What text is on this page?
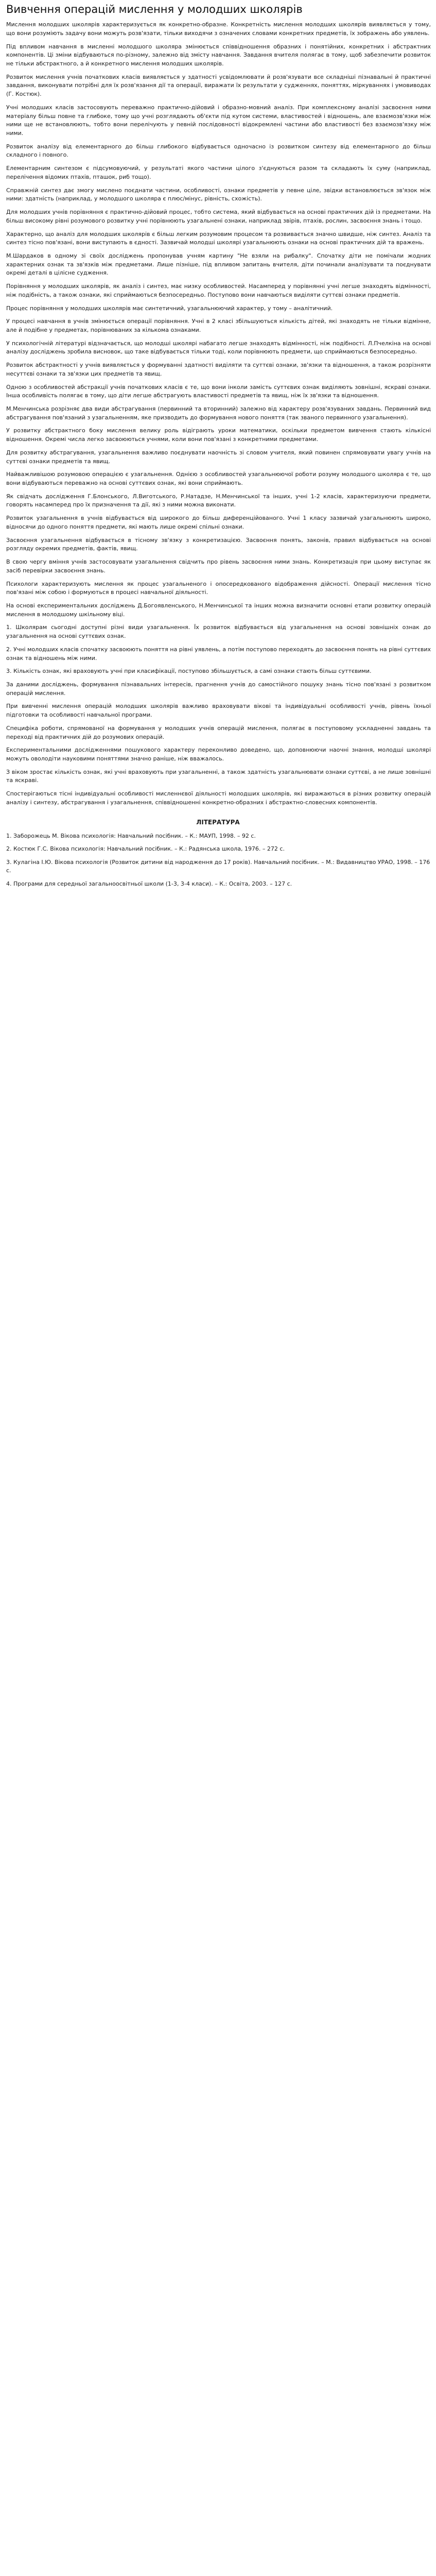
Вивчення операцій мислення у молодших школярів

Мислення молодших школярів характеризується як конкретно-образне. Конкретність мислення молодших школярів виявляється у тому, що вони розуміють задачу вони можуть розв'язати, тільки виходячи з означених словами конкретних предметів, їх зображень або уявлень.

Під впливом навчання в мисленні молодшого школяра змінюється співвідношення образних і понятійних, конкретних і абстрактних компонентів. Ці зміни відбуваються по-різному, залежно від змісту навчання. Завдання вчителя полягає в тому, щоб забезпечити розвиток не тільки абстрактного, а й конкретного мислення молодших школярів.

Розвиток мислення учнів початкових класів виявляється у здатності усвідомлювати й розв'язувати все складніші пізнавальні й практичні завдання, виконувати потрібні для їх розв'язання дії та операції, виражати їх результати у судженнях, поняттях, міркуваннях і умовиводах (Г. Костюк).

Учні молодших класів застосовують переважно практично-дійовий і образно-мовний аналіз. При комплексному аналізі засвоєння ними матеріалу більш повне та глибоке, тому що учні розглядають об'єкти під кутом системи, властивостей і відношень, але взаємозв'язки між ними ще не встановлюють, тобто вони перелічують у певній послідовності відокремлені частини або властивості без взаємозв'язку між ними.

Розвиток аналізу від елементарного до більш глибокого відбувається одночасно із розвитком синтезу від елементарного до більш складного і повного.

Елементарним синтезом є підсумовуючий, у результаті якого частини цілого з'єднуються разом та складають їх суму (наприклад, перелічення відомих птахів, пташок, риб тощо).

Справжній синтез дає змогу мислено поєднати частини, особливості, ознаки предметів у певне ціле, звідки встановлюється зв'язок між ними: здатність (наприклад, у молодшого школяра є плюс/мінус, рівність, схожість).

Для молодших учнів порівняння є практично-дійовий процес, тобто система, який відбувається на основі практичних дій із предметами. На більш високому рівні розумового розвитку учні порівнюють узагальнені ознаки, наприклад звірів, птахів, рослин, засвоєння знань і тощо.

Характерно, що аналіз для молодших школярів є більш легким розумовим процесом та розвивається значно швидше, ніж синтез. Аналіз та синтез тісно пов'язані, вони виступають в єдності. Зазвичай молодші школярі узагальнюють ознаки на основі практичних дій та вражень.

М.Шардаков в одному зі своїх досліджень пропонував учням картину "Не взяли на рибалку". Спочатку діти не помічали жодних характерних ознак та зв'язків між предметами. Лише пізніше, під впливом запитань вчителя, діти починали аналізувати та поєднувати окремі деталі в цілісне судження.

Порівняння у молодших школярів, як аналіз і синтез, має низку особливостей. Насамперед у порівнянні учні легше знаходять відмінності, ніж подібність, а також ознаки, які сприймаються безпосередньо. Поступово вони навчаються виділяти суттєві ознаки предметів.

Процес порівняння у молодших школярів має синтетичний, узагальнюючий характер, у тому – аналітичний.

У процесі навчання в учнів змінюється операції порівняння. Учні в 2 класі збільшуються кількість дітей, які знаходять не тільки відмінне, але й подібне у предметах, порівнюваних за кількома ознаками.

У психологічній літературі відзначається, що молодші школярі набагато легше знаходять відмінності, ніж подібності. Л.Пчелкіна на основі аналізу досліджень зробила висновок, що таке відбувається тільки тоді, коли порівнюють предмети, що сприймаються безпосередньо.

Розвиток абстрактності у учнів виявляється у формуванні здатності виділяти та суттєві ознаки, зв'язки та відношення, а також розрізняти несуттєві ознаки та зв'язки цих предметів та явищ.

Одною з особливостей абстракції учнів початкових класів є те, що вони інколи замість суттєвих ознак виділяють зовнішні, яскраві ознаки. Інша особливість полягає в тому, що діти легше абстрагують властивості предметів та явищ, ніж їх зв'язки та відношення.

М.Менчинська розрізняє два види абстрагування (первинний та вторинний) залежно від характеру розв'язуваних завдань. Первинний вид абстрагування пов'язаний з узагальненням, яке призводить до формування нового поняття (так званого первинного узагальнення).

У розвитку абстрактного боку мислення велику роль відіграють уроки математики, оскільки предметом вивчення стають кількісні відношення. Окремі числа легко засвоюються учнями, коли вони пов'язані з конкретними предметами.

Для розвитку абстрагування, узагальнення важливо поєднувати наочність зі словом учителя, який повинен спрямовувати увагу учнів на суттєві ознаки предметів та явищ.

Найважливішою розумовою операцією є узагальнення. Однією з особливостей узагальнюючої роботи розуму молодшого школяра є те, що вони відбуваються переважно на основі суттєвих ознак, які вони сприймають.

Як свідчать дослідження Г.Блонського, Л.Виготського, Р.Натадзе, Н.Менчинської та інших, учні 1-2 класів, характеризуючи предмети, говорять насамперед про їх призначення та дії, які з ними можна виконати.

Розвиток узагальнення в учнів відбувається від широкого до більш диференційованого. Учні 1 класу зазвичай узагальнюють широко, відносячи до одного поняття предмети, які мають лише окремі спільні ознаки.

Засвоєння узагальнення відбувається в тісному зв'язку з конкретизацією. Засвоєння понять, законів, правил відбувається на основі розгляду окремих предметів, фактів, явищ.

В свою чергу вміння учнів застосовувати узагальнення свідчить про рівень засвоєння ними знань. Конкретизація при цьому виступає як засіб перевірки засвоєння знань.

Психологи характеризують мислення як процес узагальненого і опосередкованого відображення дійсності. Операції мислення тісно пов'язані між собою і формуються в процесі навчальної діяльності.

На основі експериментальних досліджень Д.Богоявленського, Н.Менчинської та інших можна визначити основні етапи розвитку операцій мислення в молодшому шкільному віці.

1. Школярам сьогодні доступні різні види узагальнення. Їх розвиток відбувається від узагальнення на основі зовнішніх ознак до узагальнення на основі суттєвих ознак.

2. Учні молодших класів спочатку засвоюють поняття на рівні уявлень, а потім поступово переходять до засвоєння понять на рівні суттєвих ознак та відношень між ними.

3. Кількість ознак, які враховують учні при класифікації, поступово збільшується, а самі ознаки стають більш суттєвими.

За даними досліджень, формування пізнавальних інтересів, прагнення учнів до самостійного пошуку знань тісно пов'язані з розвитком операцій мислення.

При вивченні мислення операцій молодших школярів важливо враховувати вікові та індивідуальні особливості учнів, рівень їхньої підготовки та особливості навчальної програми.

Специфіка роботи, спрямованої на формування у молодших учнів операцій мислення, полягає в поступовому ускладненні завдань та переході від практичних дій до розумових операцій.

Експериментальними дослідженнями пошукового характеру переконливо доведено, що, доповнюючи наочні знання, молодші школярі можуть оволодіти науковими поняттями значно раніше, ніж вважалось.

З віком зростає кількість ознак, які учні враховують при узагальненні, а також здатність узагальнювати ознаки суттєві, а не лише зовнішні та яскраві.

Спостерігаються тісні індивідуальні особливості мисленнєвої діяльності молодших школярів, які виражаються в різних розвитку операцій аналізу і синтезу, абстрагування і узагальнення, співвідношенні конкретно-образних і абстрактно-словесних компонентів.

ЛІТЕРАТУРА
1. Заборожець М. Вікова психологія: Навчальний посібник. – К.: МАУП, 1998. – 92 с.
2. Костюк Г.С. Вікова психологія: Навчальний посібник. – К.: Радянська школа, 1976. – 272 с.
3. Кулагіна І.Ю. Вікова психологія (Розвиток дитини від народження до 17 років). Навчальний посібник. – М.: Видавництво УРАО, 1998. – 176 с.
4. Програми для середньої загальноосвітньої школи (1-3, 3-4 класи). – К.: Освіта, 2003. – 127 с.
